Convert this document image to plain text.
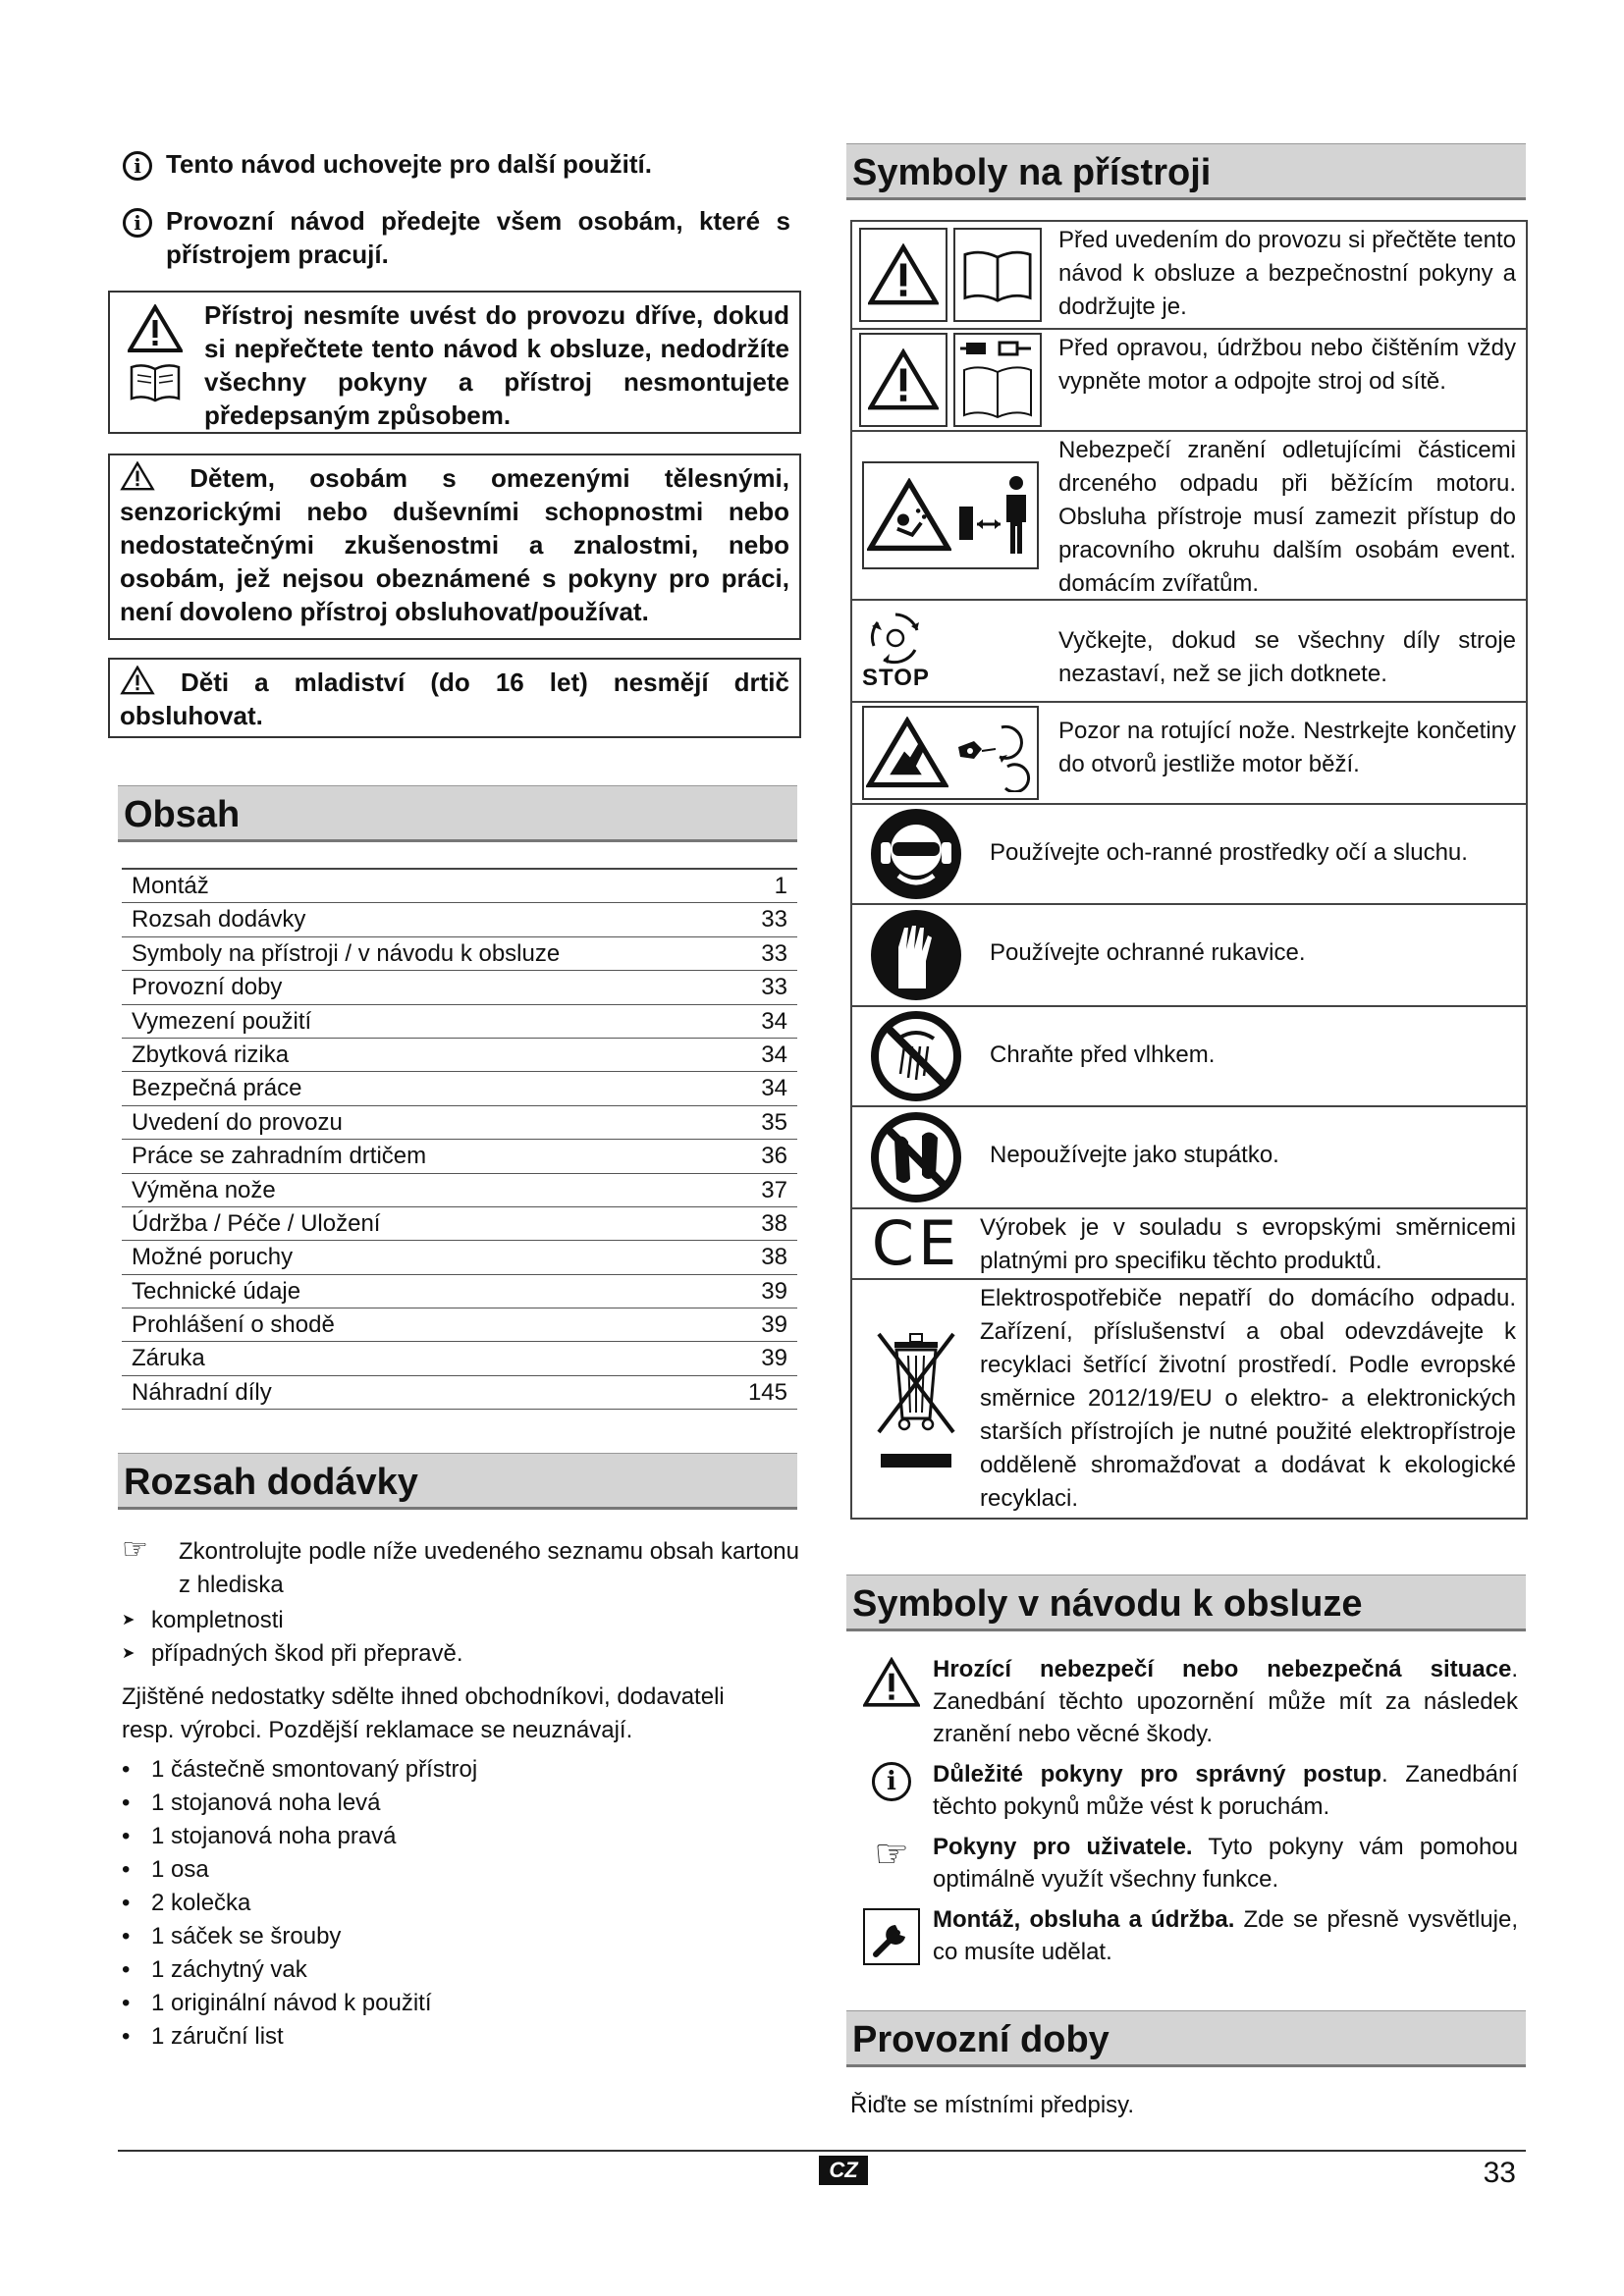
i Tento návod uchovejte pro další použití.
i Provozní návod předejte všem osobám, které s přístrojem pracují.
Přístroj nesmíte uvést do provozu dříve, dokud si nepřečtete tento návod k obsluze, nedodržíte všechny pokyny a přístroj nesmontujete předepsaným způsobem.
Dětem, osobám s omezenými tělesnými, senzorickými nebo duševními schopnostmi nebo nedostatečnými zkušenostmi a znalostmi, nebo osobám, jež nejsou obeznámené s pokyny pro práci, není dovoleno přístroj obsluhovat/používat.
Děti a mladiství (do 16 let) nesmějí drtič obsluhovat.
Obsah
Montáž	1
Rozsah dodávky	33
Symboly na přístroji / v návodu k obsluze	33
Provozní doby	33
Vymezení použití	34
Zbytková rizika	34
Bezpečná práce	34
Uvedení do provozu	35
Práce se zahradním drtičem	36
Výměna nože	37
Údržba / Péče / Uložení	38
Možné poruchy	38
Technické údaje	39
Prohlášení o shodě	39
Záruka	39
Náhradní díly	145
Rozsah dodávky
☞	Zkontrolujte podle níže uvedeného seznamu obsah kartonu z hlediska
➤ kompletnosti
➤ případných škod při přepravě.
Zjištěné nedostatky sdělte ihned obchodníkovi, dodavateli resp. výrobci. Pozdější reklamace se neuznávají.
• 1 částečně smontovaný přístroj
• 1 stojanová noha levá
• 1 stojanová noha pravá
• 1 osa
• 2 kolečka
• 1 sáček se šrouby
• 1 záchytný vak
• 1 originální návod k použití
• 1 záruční list
Symboly na přístroji
Před uvedením do provozu si přečtěte tento návod k obsluze a bezpečnostní pokyny a dodržujte je.
Před opravou, údržbou nebo čištěním vždy vypněte motor a odpojte stroj od sítě.
Nebezpečí zranění odletujícími částicemi drceného odpadu při běžícím motoru. Obsluha přístroje musí zamezit přístup do pracovního okruhu dalším osobám event. domácím zvířatům.
STOP
Vyčkejte, dokud se všechny díly stroje nezastaví, než se jich dotknete.
Pozor na rotující nože. Nestrkejte končetiny do otvorů jestliže motor běží.
Používejte och-ranné prostředky očí a sluchu.
Používejte ochranné rukavice.
Chraňte před vlhkem.
Nepoužívejte jako stupátko.
CE Výrobek je v souladu s evropskými směrnicemi platnými pro specifiku těchto produktů.
Elektrospotřebiče nepatří do domácího odpadu. Zařízení, příslušenství a obal odevzdávejte k recyklaci šetřící životní prostředí. Podle evropské směrnice 2012/19/EU o elektro- a elektronických starších přístrojích je nutné použité elektropřístroje odděleně shromažďovat a dodávat k ekologické recyklaci.
Symboly v návodu k obsluze
Hrozící nebezpečí nebo nebezpečná situace. Zanedbání těchto upozornění může mít za následek zranění nebo věcné škody.
i	Důležité pokyny pro správný postup. Zanedbání těchto pokynů může vést k poruchám.
☞ Pokyny pro uživatele. Tyto pokyny vám pomohou optimálně využít všechny funkce.
Montáž, obsluha a údržba. Zde se přesně vysvětluje, co musíte udělat.
Provozní doby
Řiďte se místními předpisy.
CZ	33
